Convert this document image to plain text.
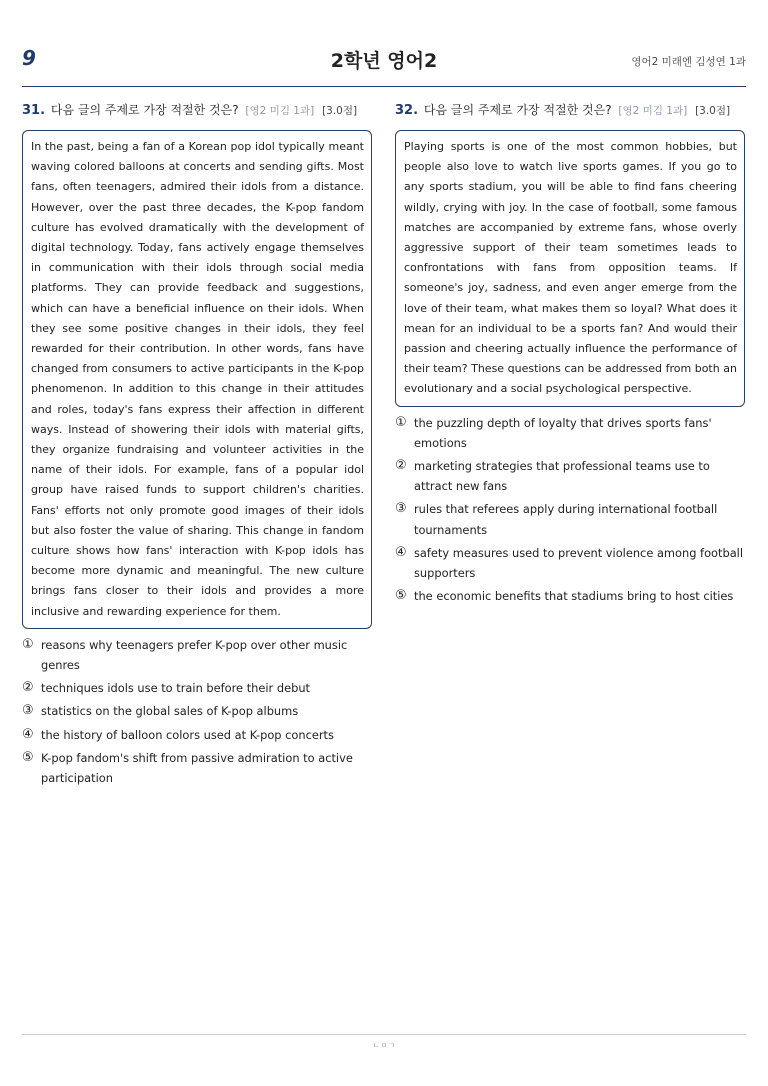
9	2학년 영어2	영어2 미래엔 김성연 1과
31. 다음 글의 주제로 가장 적절한 것은? [영2 미김 1과] [3.0점]
In the past, being a fan of a Korean pop idol typically meant waving colored balloons at concerts and sending gifts. Most fans, often teenagers, admired their idols from a distance. However, over the past three decades, the K-pop fandom culture has evolved dramatically with the development of digital technology. Today, fans actively engage themselves in communication with their idols through social media platforms. They can provide feedback and suggestions, which can have a beneficial influence on their idols. When they see some positive changes in their idols, they feel rewarded for their contribution. In other words, fans have changed from consumers to active participants in the K-pop phenomenon. In addition to this change in their attitudes and roles, today's fans express their affection in different ways. Instead of showering their idols with material gifts, they organize fundraising and volunteer activities in the name of their idols. For example, fans of a popular idol group have raised funds to support children's charities. Fans' efforts not only promote good images of their idols but also foster the value of sharing. This change in fandom culture shows how fans' interaction with K-pop idols has become more dynamic and meaningful. The new culture brings fans closer to their idols and provides a more inclusive and rewarding experience for them.
① reasons why teenagers prefer K-pop over other music genres
② techniques idols use to train before their debut
③ statistics on the global sales of K-pop albums
④ the history of balloon colors used at K-pop concerts
⑤ K-pop fandom's shift from passive admiration to active participation
32. 다음 글의 주제로 가장 적절한 것은? [영2 미김 1과] [3.0점]
Playing sports is one of the most common hobbies, but people also love to watch live sports games. If you go to any sports stadium, you will be able to find fans cheering wildly, crying with joy. In the case of football, some famous matches are accompanied by extreme fans, whose overly aggressive support of their team sometimes leads to confrontations with fans from opposition teams. If someone's joy, sadness, and even anger emerge from the love of their team, what makes them so loyal? What does it mean for an individual to be a sports fan? And would their passion and cheering actually influence the performance of their team? These questions can be addressed from both an evolutionary and a social psychological perspective.
① the puzzling depth of loyalty that drives sports fans' emotions
② marketing strategies that professional teams use to attract new fans
③ rules that referees apply during international football tournaments
④ safety measures used to prevent violence among football supporters
⑤ the economic benefits that stadiums bring to host cities
ㄴㅇㄱ
